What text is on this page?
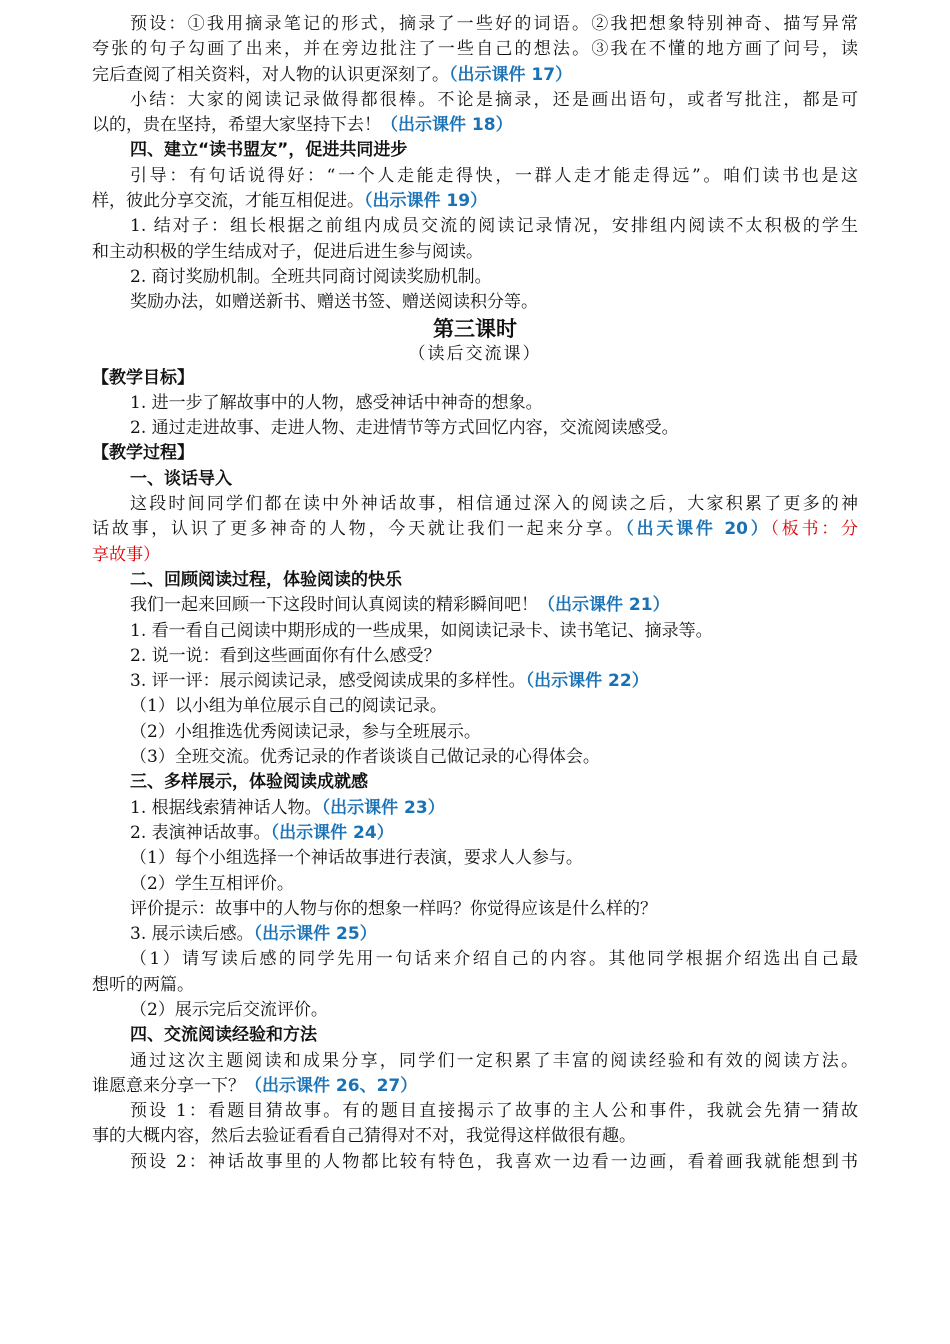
预设：①我用摘录笔记的形式，摘录了一些好的词语。②我把想象特别神奇、描写异常
夸张的句子勾画了出来，并在旁边批注了一些自己的想法。③我在不懂的地方画了问号，读
完后查阅了相关资料，对人物的认识更深刻了。（出示课件 17）
小结：大家的阅读记录做得都很棒。不论是摘录，还是画出语句，或者写批注，都是可
以的，贵在坚持，希望大家坚持下去！（出示课件 18）
四、建立“读书盟友”，促进共同进步
引导：有句话说得好：“一个人走能走得快，一群人走才能走得远”。咱们读书也是这
样，彼此分享交流，才能互相促进。（出示课件 19）
1. 结对子：组长根据之前组内成员交流的阅读记录情况，安排组内阅读不太积极的学生
和主动积极的学生结成对子，促进后进生参与阅读。
2. 商讨奖励机制。全班共同商讨阅读奖励机制。
奖励办法，如赠送新书、赠送书签、赠送阅读积分等。
第三课时
（读后交流课）
【教学目标】
1. 进一步了解故事中的人物，感受神话中神奇的想象。
2. 通过走进故事、走进人物、走进情节等方式回忆内容，交流阅读感受。
【教学过程】
一、谈话导入
这段时间同学们都在读中外神话故事，相信通过深入的阅读之后，大家积累了更多的神
话故事，认识了更多神奇的人物，今天就让我们一起来分享。（出天课件 20）（板书：分
享故事）
二、回顾阅读过程，体验阅读的快乐
我们一起来回顾一下这段时间认真阅读的精彩瞬间吧！（出示课件 21）
1. 看一看自己阅读中期形成的一些成果，如阅读记录卡、读书笔记、摘录等。
2. 说一说：看到这些画面你有什么感受？
3. 评一评：展示阅读记录，感受阅读成果的多样性。（出示课件 22）
（1）以小组为单位展示自己的阅读记录。
（2）小组推选优秀阅读记录，参与全班展示。
（3）全班交流。优秀记录的作者谈谈自己做记录的心得体会。
三、多样展示，体验阅读成就感
1. 根据线索猜神话人物。（出示课件 23）
2. 表演神话故事。（出示课件 24）
（1）每个小组选择一个神话故事进行表演，要求人人参与。
（2）学生互相评价。
评价提示：故事中的人物与你的想象一样吗？你觉得应该是什么样的？
3. 展示读后感。（出示课件 25）
（1）请写读后感的同学先用一句话来介绍自己的内容。其他同学根据介绍选出自己最
想听的两篇。
（2）展示完后交流评价。
四、交流阅读经验和方法
通过这次主题阅读和成果分享，同学们一定积累了丰富的阅读经验和有效的阅读方法。
谁愿意来分享一下？（出示课件 26、27）
预设 1：看题目猜故事。有的题目直接揭示了故事的主人公和事件，我就会先猜一猜故
事的大概内容，然后去验证看看自己猜得对不对，我觉得这样做很有趣。
预设 2：神话故事里的人物都比较有特色，我喜欢一边看一边画，看着画我就能想到书
